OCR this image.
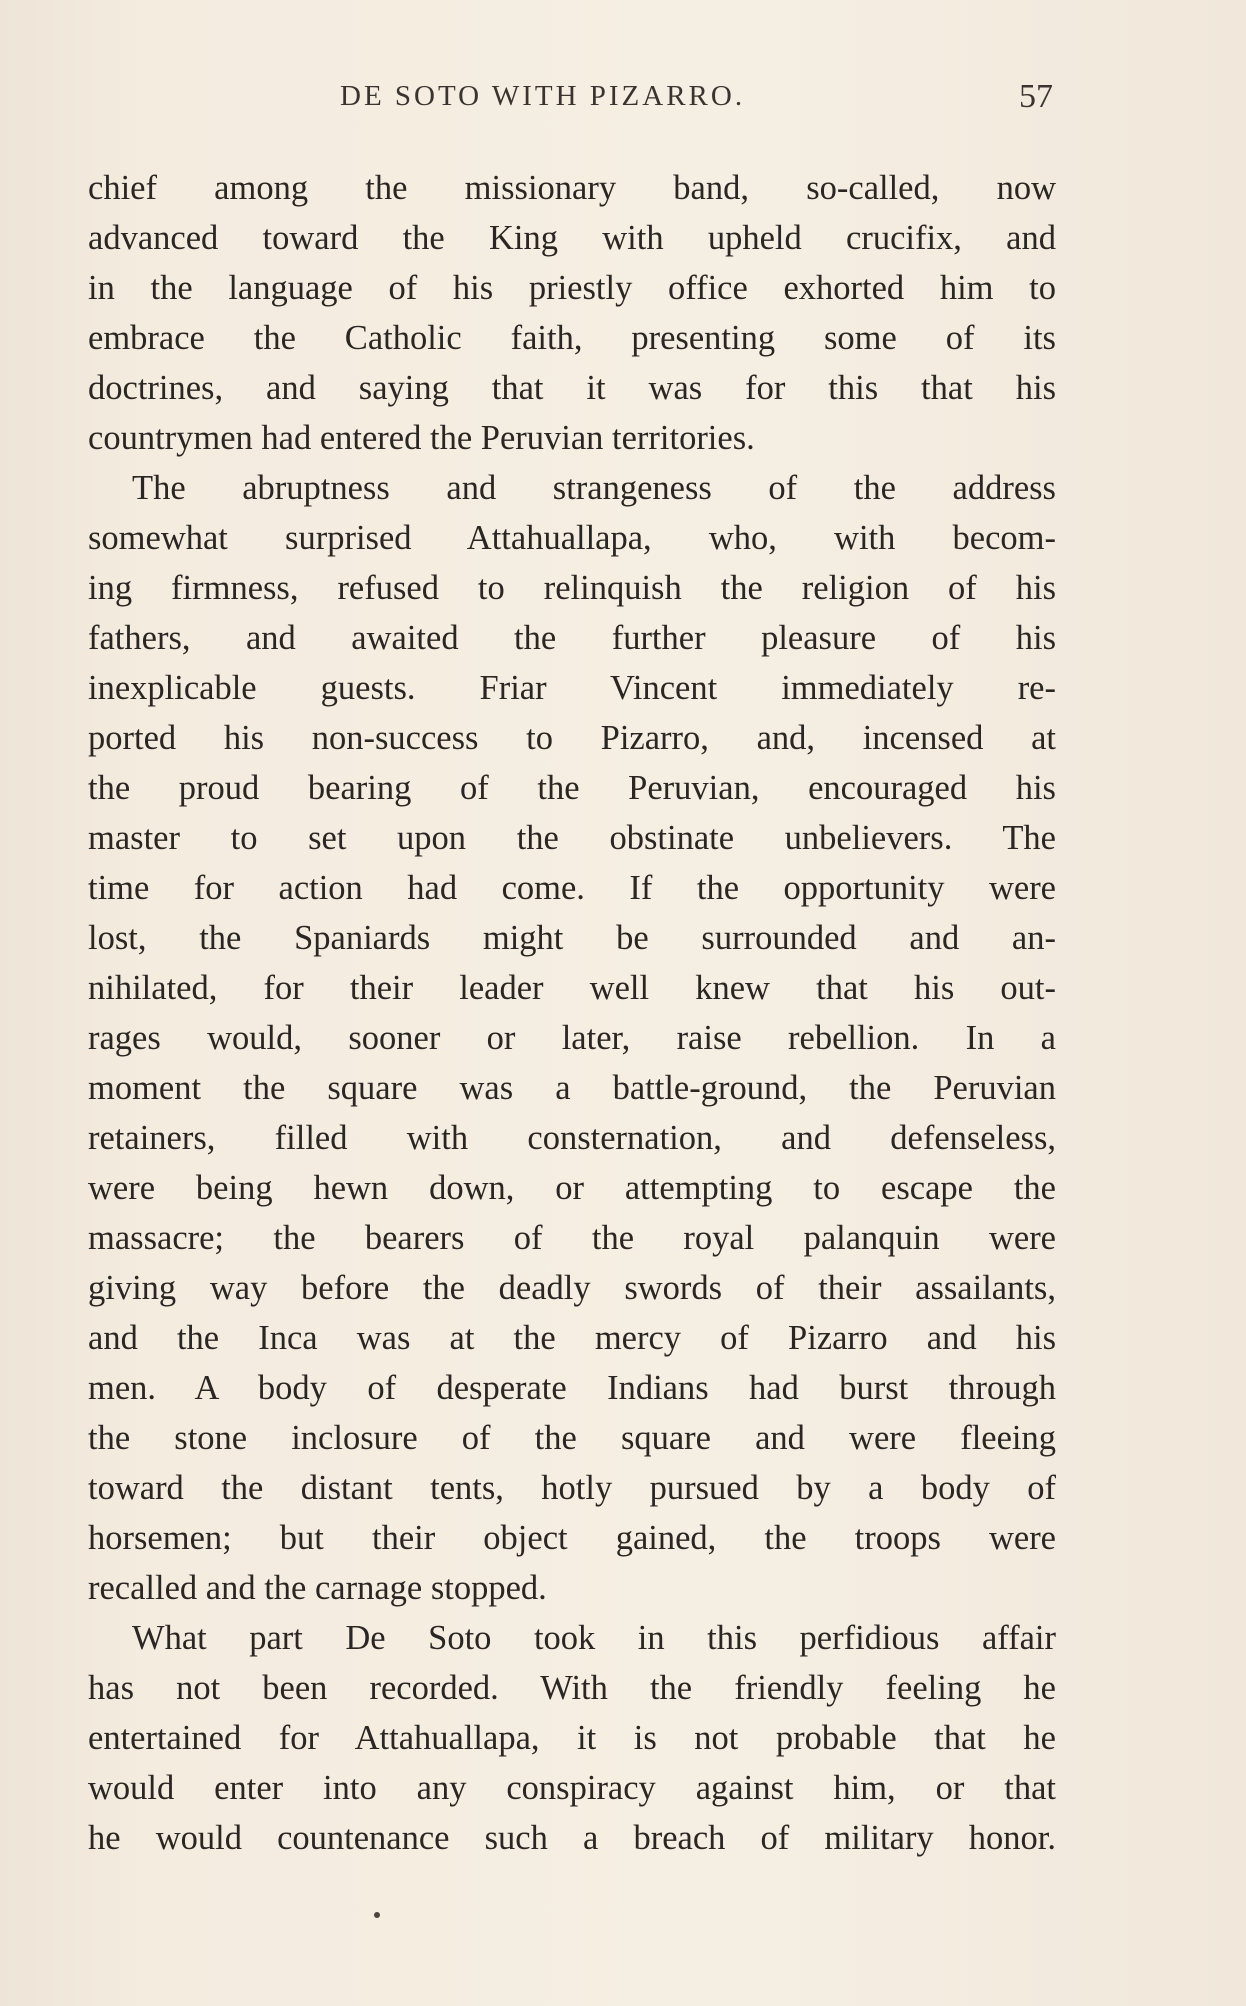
DE SOTO WITH PIZARRO.	57
chief among the missionary band, so-called, now
advanced toward the King with upheld crucifix, and
in the language of his priestly office exhorted him to
embrace the Catholic faith, presenting some of its
doctrines, and saying that it was for this that his
countrymen had entered the Peruvian territories.
The abruptness and strangeness of the address
somewhat surprised Attahuallapa, who, with becom-
ing firmness, refused to relinquish the religion of his
fathers, and awaited the further pleasure of his
inexplicable guests. Friar Vincent immediately re-
ported his non-success to Pizarro, and, incensed at
the proud bearing of the Peruvian, encouraged his
master to set upon the obstinate unbelievers. The
time for action had come. If the opportunity were
lost, the Spaniards might be surrounded and an-
nihilated, for their leader well knew that his out-
rages would, sooner or later, raise rebellion. In a
moment the square was a battle-ground, the Peruvian
retainers, filled with consternation, and defenseless,
were being hewn down, or attempting to escape the
massacre; the bearers of the royal palanquin were
giving way before the deadly swords of their assailants,
and the Inca was at the mercy of Pizarro and his
men. A body of desperate Indians had burst through
the stone inclosure of the square and were fleeing
toward the distant tents, hotly pursued by a body of
horsemen; but their object gained, the troops were
recalled and the carnage stopped.
What part De Soto took in this perfidious affair
has not been recorded. With the friendly feeling he
entertained for Attahuallapa, it is not probable that he
would enter into any conspiracy against him, or that
he would countenance such a breach of military honor.
